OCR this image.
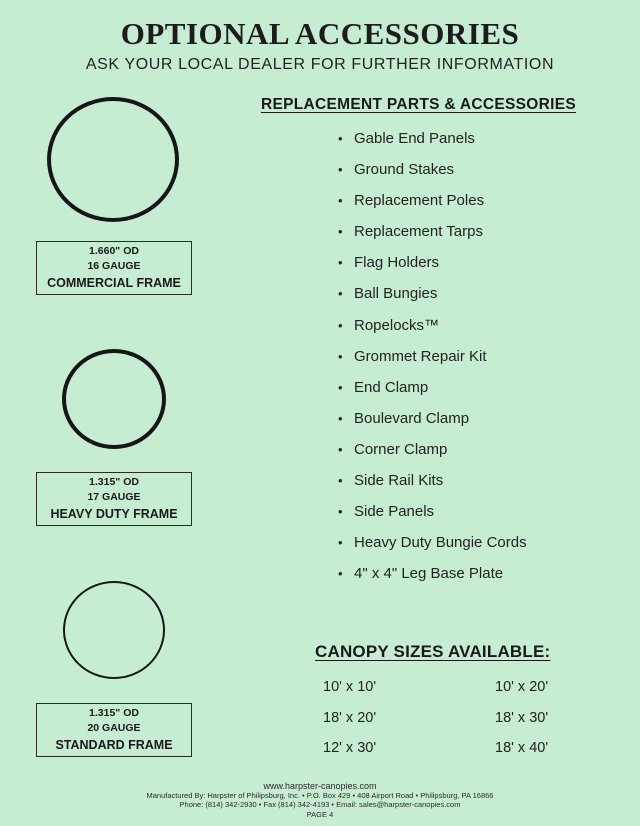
OPTIONAL ACCESSORIES
ASK YOUR LOCAL DEALER FOR FURTHER INFORMATION
1.660" OD
16 GAUGE
COMMERCIAL FRAME
1.315" OD
17 GAUGE
HEAVY DUTY FRAME
1.315" OD
20 GAUGE
STANDARD FRAME
REPLACEMENT PARTS & ACCESSORIES
• Gable End Panels
• Ground Stakes
• Replacement Poles
• Replacement Tarps
• Flag Holders
• Ball Bungies
• Ropelocks™
• Grommet Repair Kit
• End Clamp
• Boulevard Clamp
• Corner Clamp
• Side Rail Kits
• Side Panels
• Heavy Duty Bungie Cords
• 4" x 4" Leg Base Plate
CANOPY SIZES AVAILABLE:
10' x 10'	10' x 20'
18' x 20'	18' x 30'
12' x 30'	18' x 40'
www.harpster-canopies.com
Manufactured By: Harpster of Philipsburg, Inc. • P.O. Box 429 • 408 Airport Road • Philipsburg, PA 16866
Phone: (814) 342-2930 • Fax (814) 342-4193 • Email: sales@harpster-canopies.com
PAGE 4
